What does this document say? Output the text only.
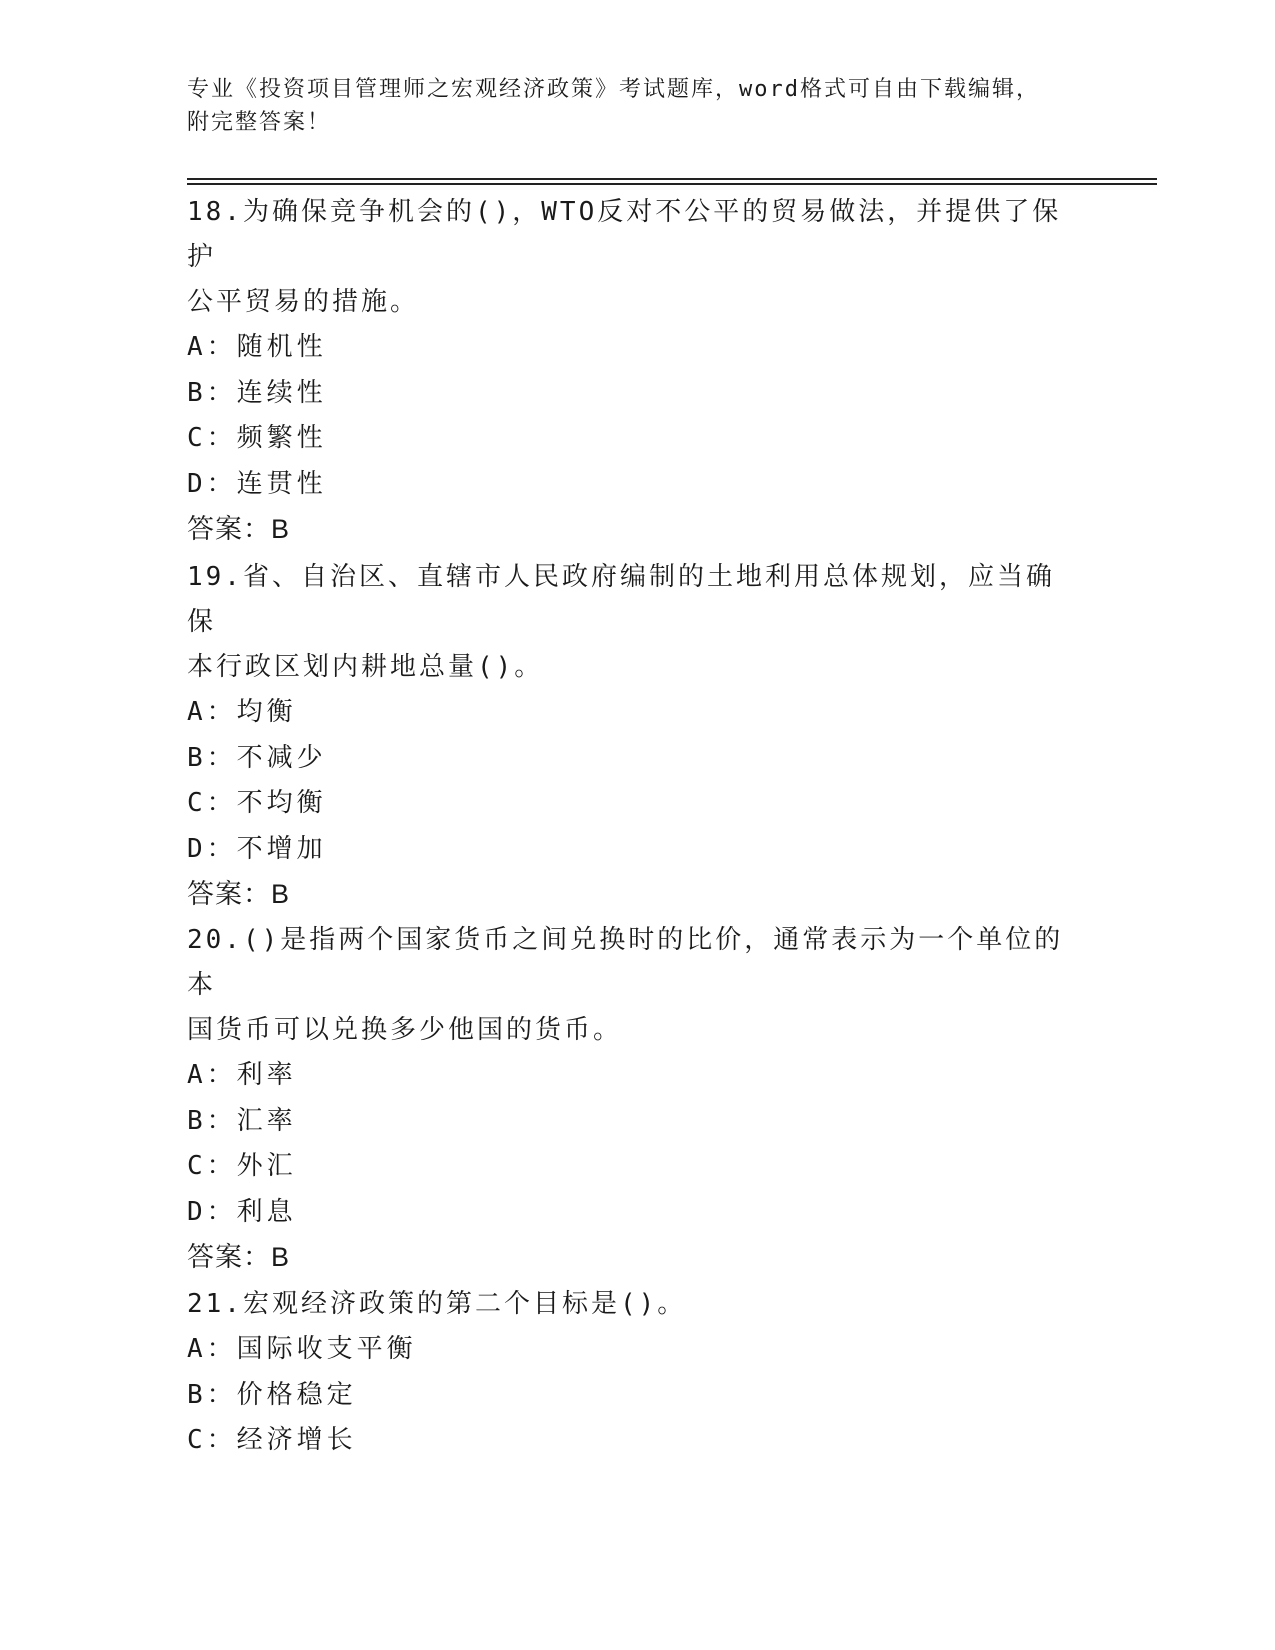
专业《投资项目管理师之宏观经济政策》考试题库，word格式可自由下载编辑，
附完整答案！

18.为确保竞争机会的()，WTO反对不公平的贸易做法，并提供了保护

公平贸易的措施。

A：随机性

B：连续性

C：频繁性

D：连贯性

答案：B

19.省、自治区、直辖市人民政府编制的土地利用总体规划，应当确保

本行政区划内耕地总量()。

A：均衡

B：不减少

C：不均衡

D：不增加

答案：B

20.()是指两个国家货币之间兑换时的比价，通常表示为一个单位的本

国货币可以兑换多少他国的货币。

A：利率

B：汇率

C：外汇

D：利息

答案：B

21.宏观经济政策的第二个目标是()。

A：国际收支平衡

B：价格稳定

C：经济增长
